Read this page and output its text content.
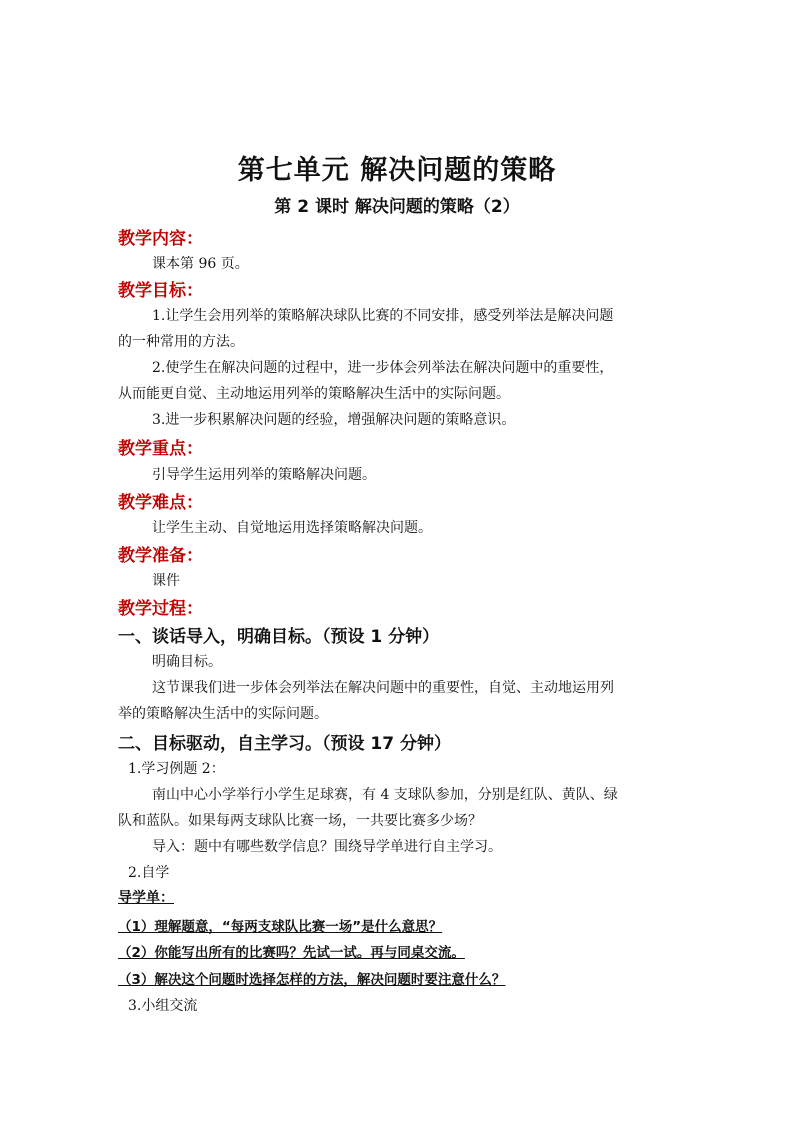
第七单元 解决问题的策略
第 2 课时 解决问题的策略（2）
教学内容：
课本第 96 页。
教学目标：
1.让学生会用列举的策略解决球队比赛的不同安排，感受列举法是解决问题
的一种常用的方法。
2.使学生在解决问题的过程中，进一步体会列举法在解决问题中的重要性，
从而能更自觉、主动地运用列举的策略解决生活中的实际问题。
3.进一步积累解决问题的经验，增强解决问题的策略意识。
教学重点：
引导学生运用列举的策略解决问题。
教学难点：
让学生主动、自觉地运用选择策略解决问题。
教学准备：
课件
教学过程：
一、谈话导入，明确目标。（预设 1 分钟）
明确目标。
这节课我们进一步体会列举法在解决问题中的重要性，自觉、主动地运用列
举的策略解决生活中的实际问题。
二、目标驱动，自主学习。（预设 17 分钟）
1.学习例题 2：
南山中心小学举行小学生足球赛，有 4 支球队参加，分别是红队、黄队、绿
队和蓝队。如果每两支球队比赛一场，一共要比赛多少场？
导入：题中有哪些数学信息？围绕导学单进行自主学习。
2.自学
导学单：
（1）理解题意，“每两支球队比赛一场”是什么意思？
（2）你能写出所有的比赛吗？先试一试。再与同桌交流。
（3）解决这个问题时选择怎样的方法，解决问题时要注意什么？
3.小组交流
